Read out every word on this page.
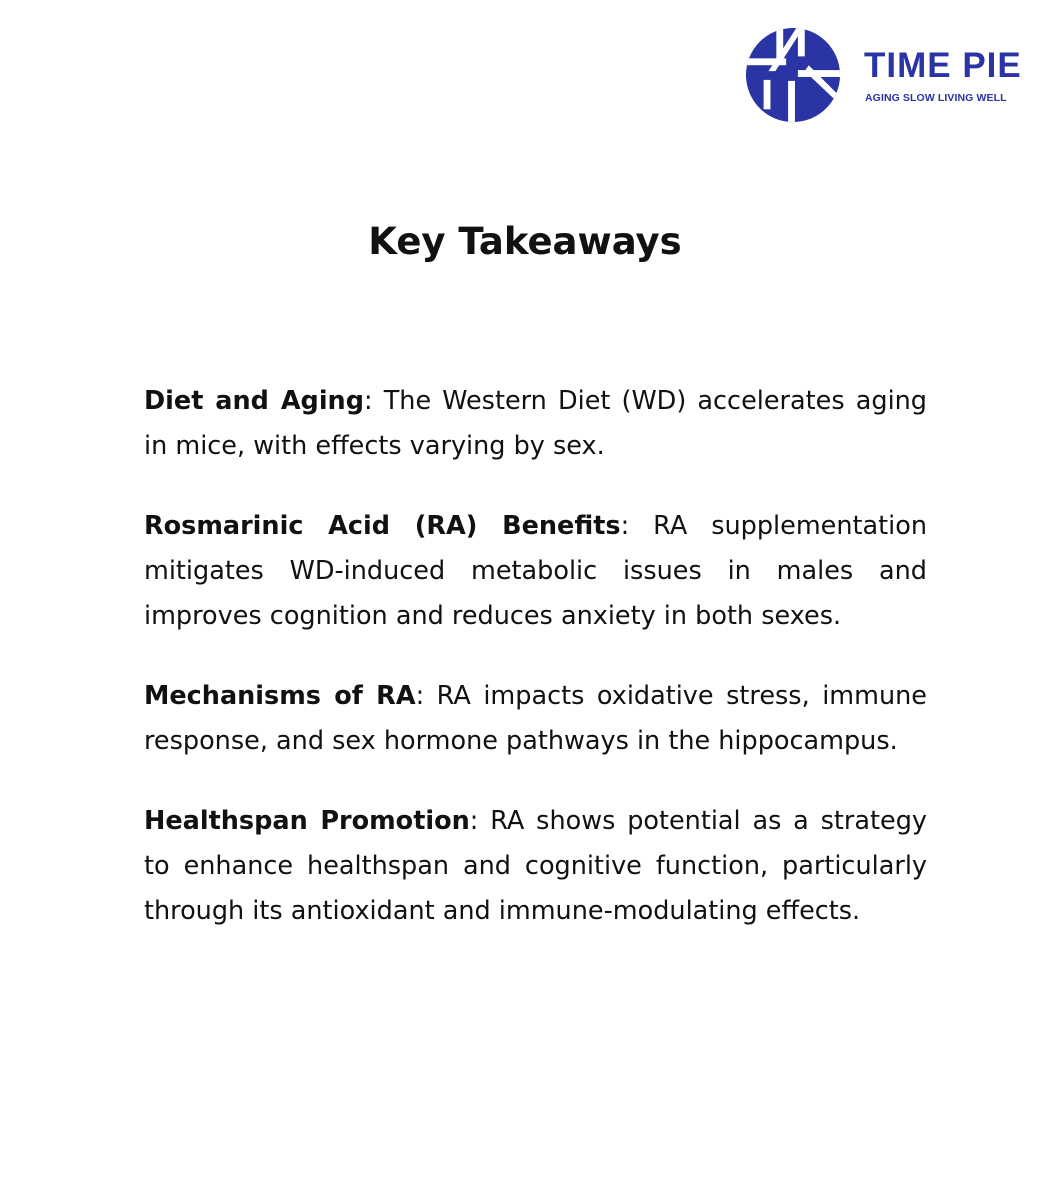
TIME PIE
AGING SLOW LIVING WELL
Key Takeaways

Diet and Aging: The Western Diet (WD) accelerates aging in mice, with effects varying by sex.

Rosmarinic Acid (RA) Benefits: RA supplementation mitigates WD-induced metabolic issues in males and improves cognition and reduces anxiety in both sexes.

Mechanisms of RA: RA impacts oxidative stress, immune response, and sex hormone pathways in the hippocampus.

Healthspan Promotion: RA shows potential as a strategy to enhance healthspan and cognitive function, particularly through its antioxidant and immune-modulating effects.
